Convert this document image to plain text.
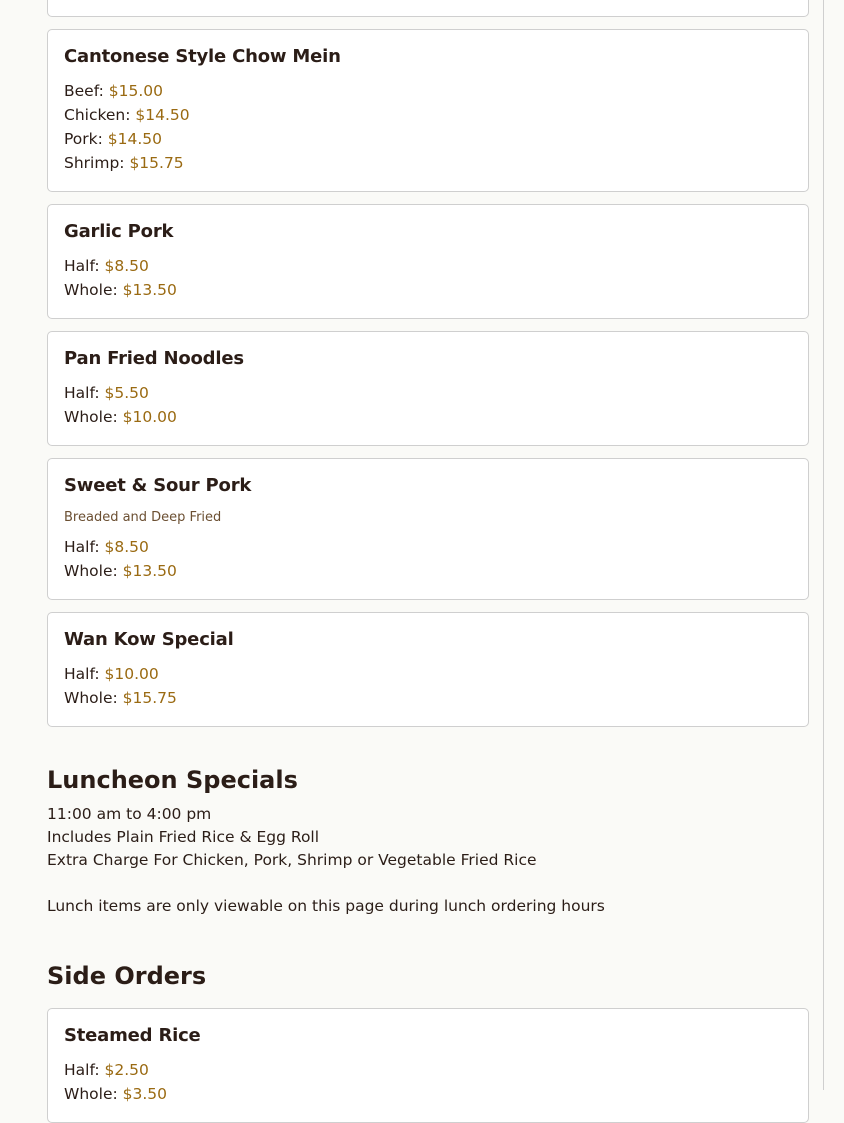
Cantonese Style Chow Mein
Beef: $15.00
Chicken: $14.50
Pork: $14.50
Shrimp: $15.75
Garlic Pork
Half: $8.50
Whole: $13.50
Pan Fried Noodles
Half: $5.50
Whole: $10.00
Sweet & Sour Pork
Breaded and Deep Fried
Half: $8.50
Whole: $13.50
Wan Kow Special
Half: $10.00
Whole: $15.75
Luncheon Specials
11:00 am to 4:00 pm
Includes Plain Fried Rice & Egg Roll
Extra Charge For Chicken, Pork, Shrimp or Vegetable Fried Rice
Lunch items are only viewable on this page during lunch ordering hours
Side Orders
Steamed Rice
Half: $2.50
Whole: $3.50
